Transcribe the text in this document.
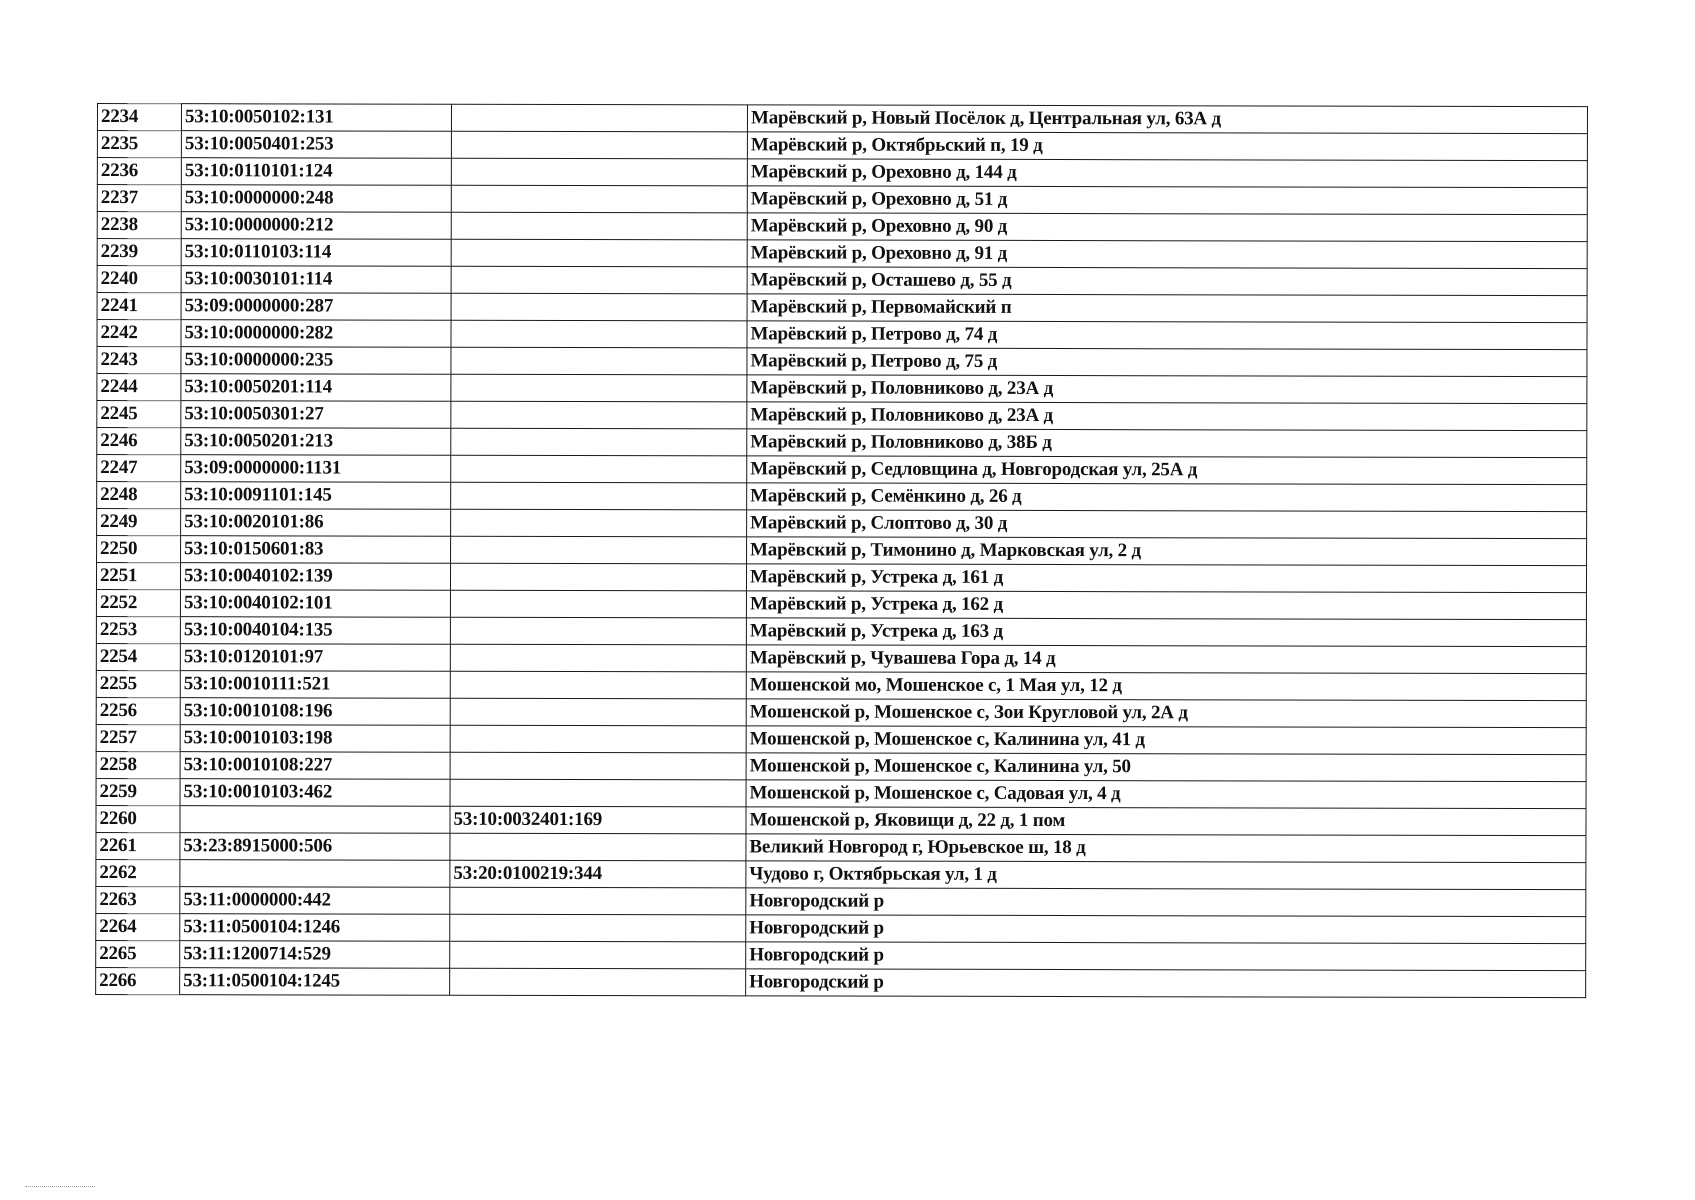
2234	53:10:0050102:131		Марёвский р, Новый Посёлок д, Центральная ул, 63А д
2235	53:10:0050401:253		Марёвский р, Октябрьский п, 19 д
2236	53:10:0110101:124		Марёвский р, Ореховно д, 144 д
2237	53:10:0000000:248		Марёвский р, Ореховно д, 51 д
2238	53:10:0000000:212		Марёвский р, Ореховно д, 90 д
2239	53:10:0110103:114		Марёвский р, Ореховно д, 91 д
2240	53:10:0030101:114		Марёвский р, Осташево д, 55 д
2241	53:09:0000000:287		Марёвский р, Первомайский п
2242	53:10:0000000:282		Марёвский р, Петрово д, 74 д
2243	53:10:0000000:235		Марёвский р, Петрово д, 75 д
2244	53:10:0050201:114		Марёвский р, Половниково д, 23А д
2245	53:10:0050301:27		Марёвский р, Половниково д, 23А д
2246	53:10:0050201:213		Марёвский р, Половниково д, 38Б д
2247	53:09:0000000:1131		Марёвский р, Седловщина д, Новгородская ул, 25А д
2248	53:10:0091101:145		Марёвский р, Семёнкино д, 26 д
2249	53:10:0020101:86		Марёвский р, Слоптово д, 30 д
2250	53:10:0150601:83		Марёвский р, Тимонино д, Марковская ул, 2 д
2251	53:10:0040102:139		Марёвский р, Устрека д, 161 д
2252	53:10:0040102:101		Марёвский р, Устрека д, 162 д
2253	53:10:0040104:135		Марёвский р, Устрека д, 163 д
2254	53:10:0120101:97		Марёвский р, Чувашева Гора д, 14 д
2255	53:10:0010111:521		Мошенской мо, Мошенское с, 1 Мая ул, 12 д
2256	53:10:0010108:196		Мошенской р, Мошенское с, Зои Кругловой ул, 2А д
2257	53:10:0010103:198		Мошенской р, Мошенское с, Калинина ул, 41 д
2258	53:10:0010108:227		Мошенской р, Мошенское с, Калинина ул, 50
2259	53:10:0010103:462		Мошенской р, Мошенское с, Садовая ул, 4 д
2260		53:10:0032401:169	Мошенской р, Яковищи д, 22 д, 1 пом
2261	53:23:8915000:506		Великий Новгород г, Юрьевское ш, 18 д
2262		53:20:0100219:344	Чудово г, Октябрьская ул, 1 д
2263	53:11:0000000:442		Новгородский р
2264	53:11:0500104:1246		Новгородский р
2265	53:11:1200714:529		Новгородский р
2266	53:11:0500104:1245		Новгородский р
